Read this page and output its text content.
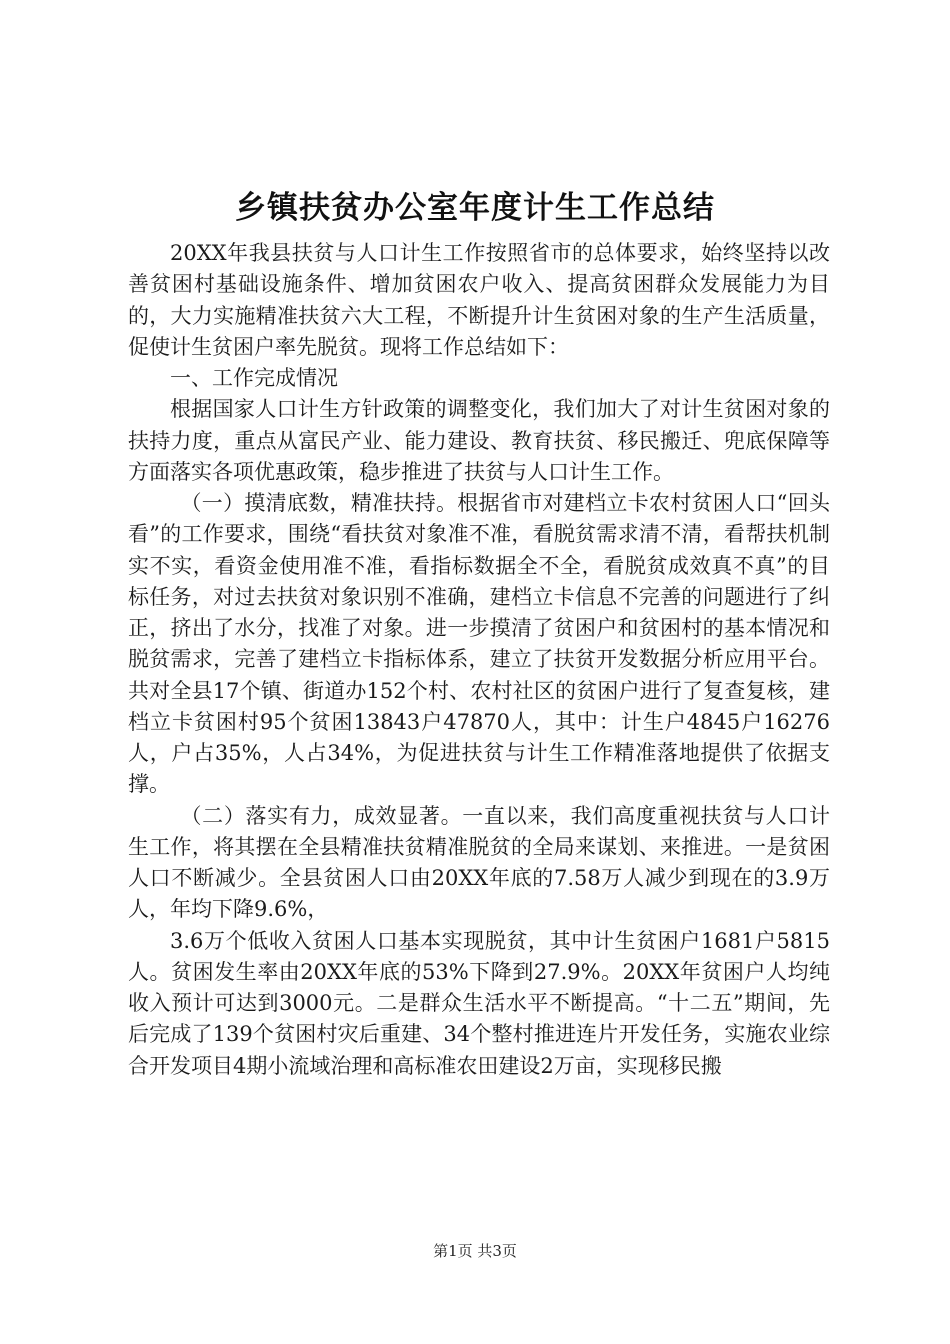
乡镇扶贫办公室年度计生工作总结

20XX年我县扶贫与人口计生工作按照省市的总体要求，始终坚持以改善贫困村基础设施条件、增加贫困农户收入、提高贫困群众发展能力为目的，大力实施精准扶贫六大工程，不断提升计生贫困对象的生产生活质量，促使计生贫困户率先脱贫。现将工作总结如下：

一、工作完成情况

根据国家人口计生方针政策的调整变化，我们加大了对计生贫困对象的扶持力度，重点从富民产业、能力建设、教育扶贫、移民搬迁、兜底保障等方面落实各项优惠政策，稳步推进了扶贫与人口计生工作。

（一）摸清底数，精准扶持。根据省市对建档立卡农村贫困人口“回头看”的工作要求，围绕“看扶贫对象准不准，看脱贫需求清不清，看帮扶机制实不实，看资金使用准不准，看指标数据全不全，看脱贫成效真不真”的目标任务，对过去扶贫对象识别不准确，建档立卡信息不完善的问题进行了纠正，挤出了水分，找准了对象。进一步摸清了贫困户和贫困村的基本情况和脱贫需求，完善了建档立卡指标体系，建立了扶贫开发数据分析应用平台。共对全县17个镇、街道办152个村、农村社区的贫困户进行了复查复核，建档立卡贫困村95个贫困13843户47870人，其中：计生户4845户16276人，户占35%，人占34%，为促进扶贫与计生工作精准落地提供了依据支撑。

（二）落实有力，成效显著。一直以来，我们高度重视扶贫与人口计生工作，将其摆在全县精准扶贫精准脱贫的全局来谋划、来推进。一是贫困人口不断减少。全县贫困人口由20XX年底的7.58万人减少到现在的3.9万人，年均下降9.6%，

3.6万个低收入贫困人口基本实现脱贫，其中计生贫困户1681户5815人。贫困发生率由20XX年底的53%下降到27.9%。20XX年贫困户人均纯收入预计可达到3000元。二是群众生活水平不断提高。“十二五”期间，先后完成了139个贫困村灾后重建、34个整村推进连片开发任务，实施农业综合开发项目4期小流域治理和高标准农田建设2万亩，实现移民搬

第1页 共3页
